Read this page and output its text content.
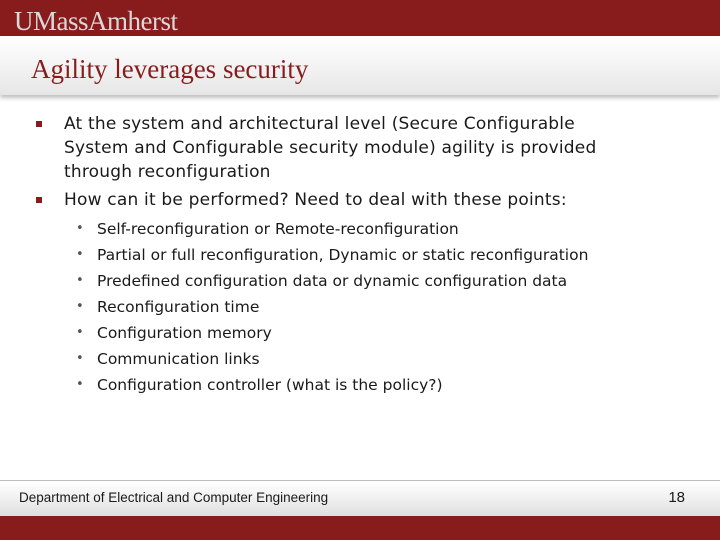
UMassAmherst
Agility leverages security
At the system and architectural level (Secure Configurable
System and Configurable security module) agility is provided
through reconfiguration
How can it be performed? Need to deal with these points:
• Self-reconfiguration or Remote-reconfiguration
• Partial or full reconfiguration, Dynamic or static reconfiguration
• Predefined configuration data or dynamic configuration data
• Reconfiguration time
• Configuration memory
• Communication links
• Configuration controller (what is the policy?)
Department of Electrical and Computer Engineering	18
